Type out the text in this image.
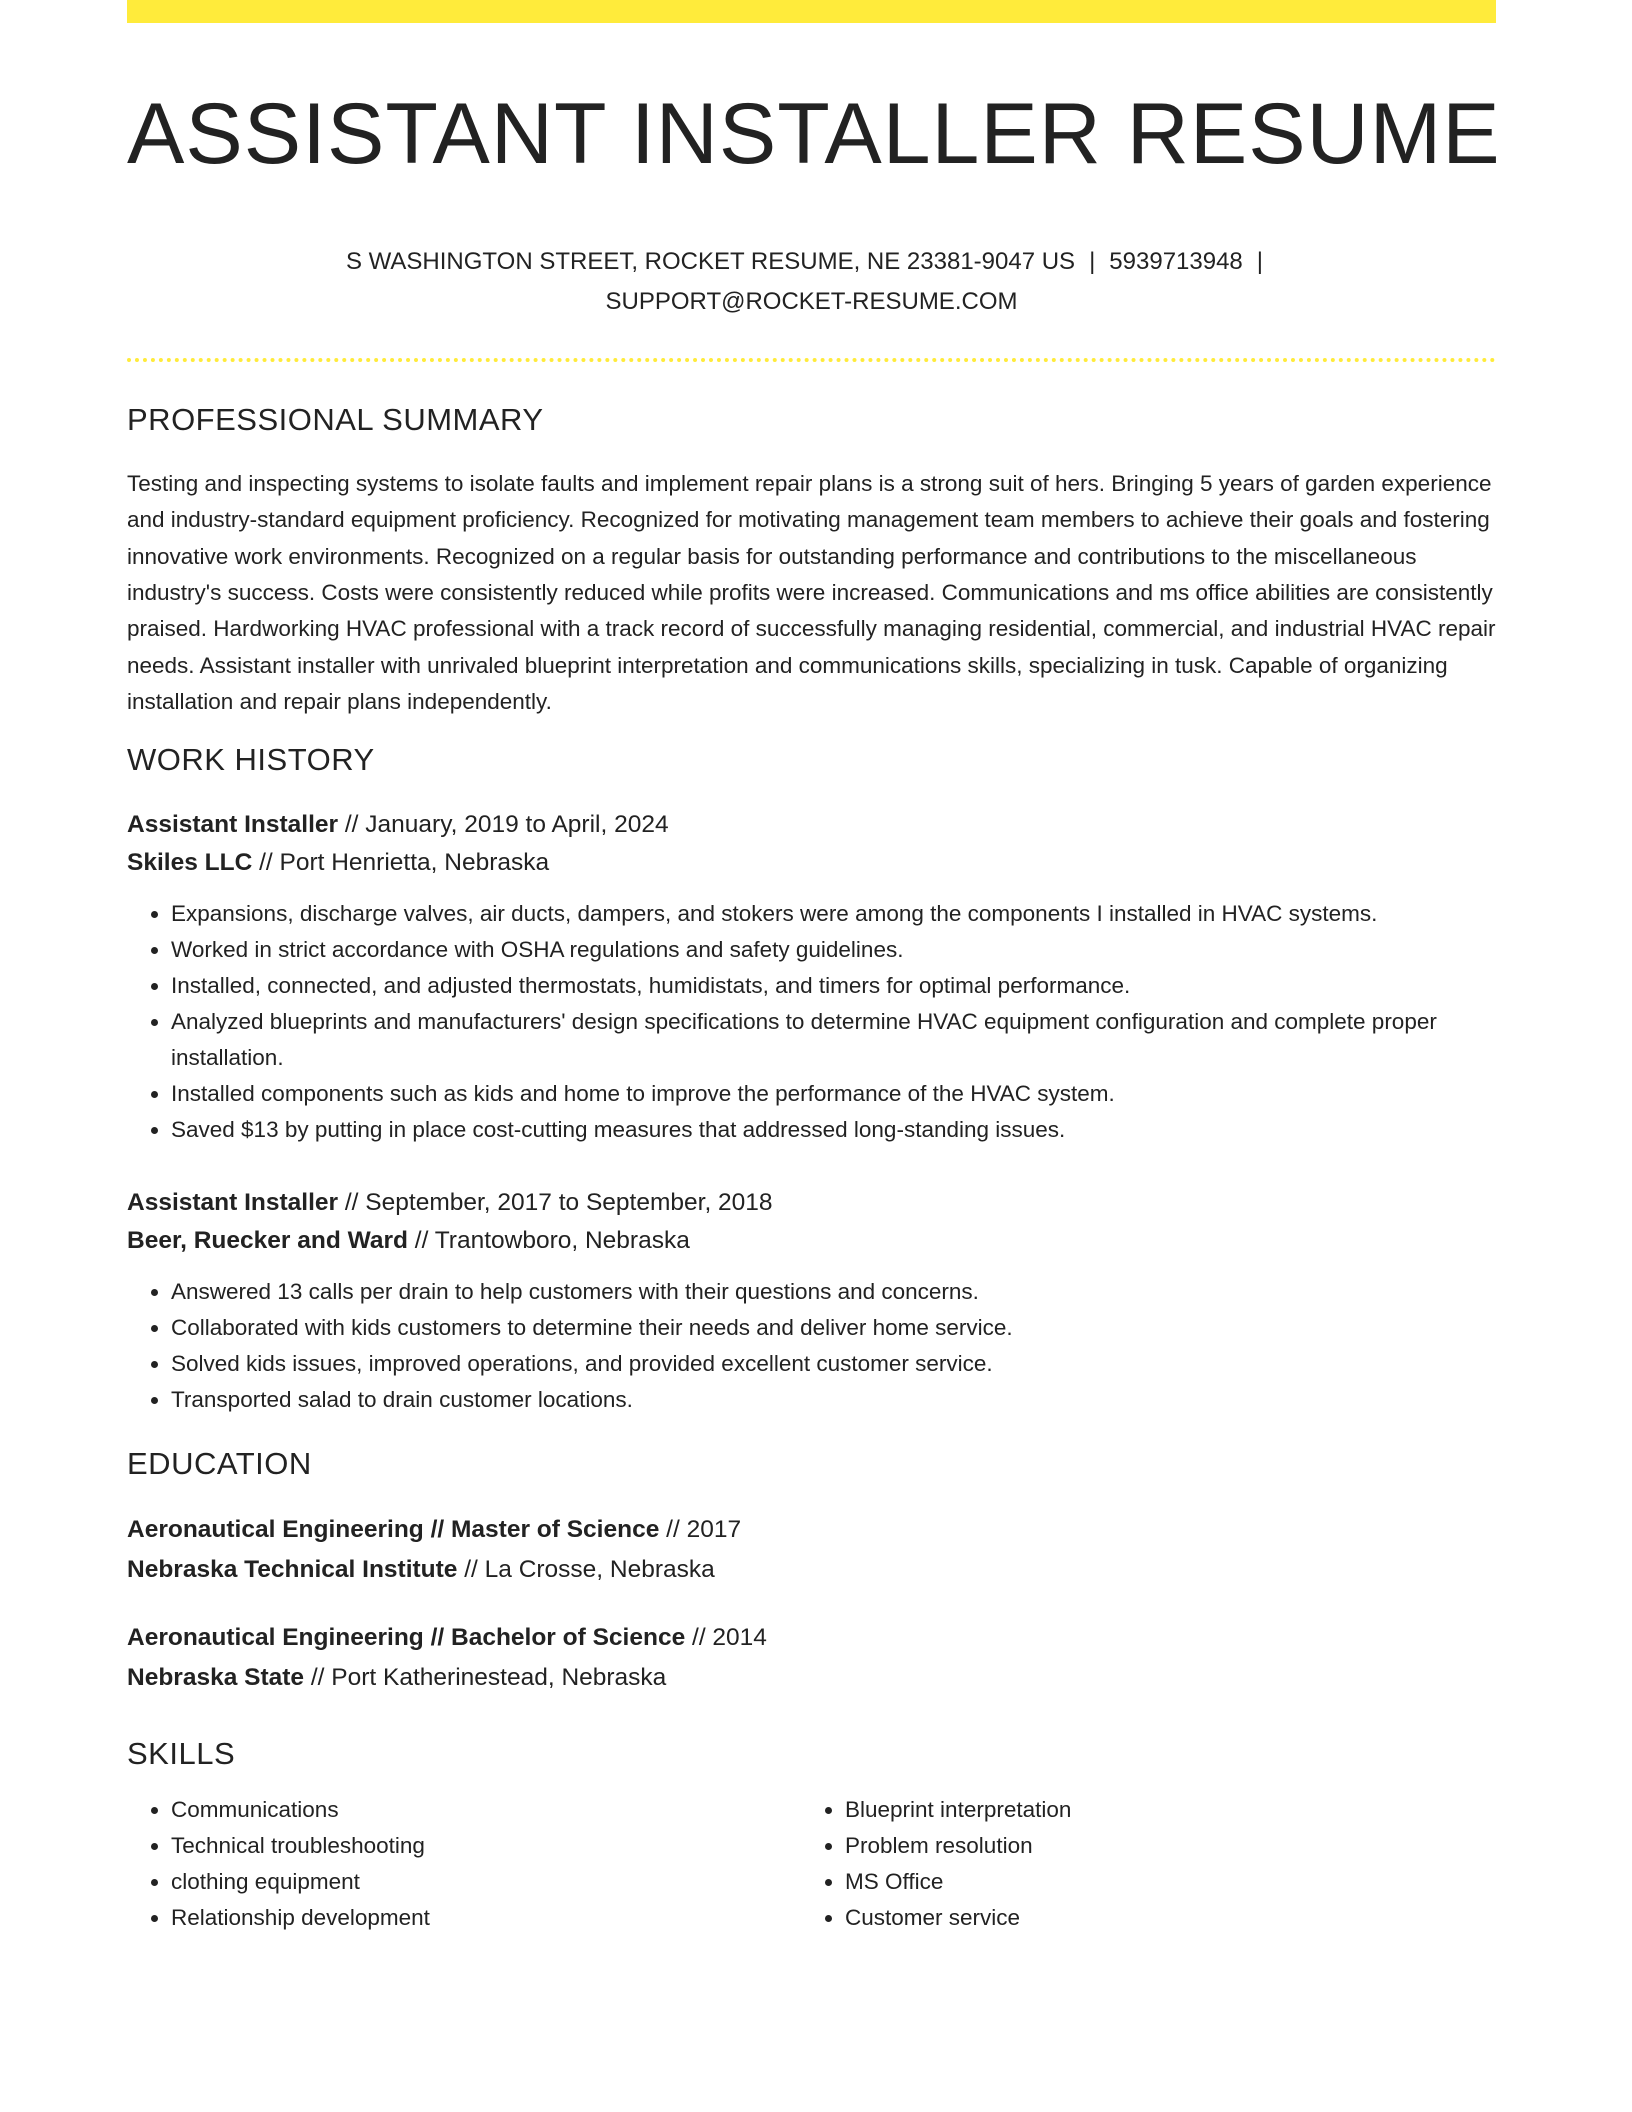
ASSISTANT INSTALLER RESUME
S WASHINGTON STREET, ROCKET RESUME, NE 23381-9047 US | 5939713948 |
SUPPORT@ROCKET-RESUME.COM
PROFESSIONAL SUMMARY
Testing and inspecting systems to isolate faults and implement repair plans is a strong suit of hers. Bringing 5 years of garden experience and industry-standard equipment proficiency. Recognized for motivating management team members to achieve their goals and fostering innovative work environments. Recognized on a regular basis for outstanding performance and contributions to the miscellaneous industry's success. Costs were consistently reduced while profits were increased. Communications and ms office abilities are consistently praised. Hardworking HVAC professional with a track record of successfully managing residential, commercial, and industrial HVAC repair needs. Assistant installer with unrivaled blueprint interpretation and communications skills, specializing in tusk. Capable of organizing installation and repair plans independently.
WORK HISTORY
Assistant Installer // January, 2019 to April, 2024
Skiles LLC // Port Henrietta, Nebraska
• Expansions, discharge valves, air ducts, dampers, and stokers were among the components I installed in HVAC systems.
• Worked in strict accordance with OSHA regulations and safety guidelines.
• Installed, connected, and adjusted thermostats, humidistats, and timers for optimal performance.
• Analyzed blueprints and manufacturers' design specifications to determine HVAC equipment configuration and complete proper installation.
• Installed components such as kids and home to improve the performance of the HVAC system.
• Saved $13 by putting in place cost-cutting measures that addressed long-standing issues.
Assistant Installer // September, 2017 to September, 2018
Beer, Ruecker and Ward // Trantowboro, Nebraska
• Answered 13 calls per drain to help customers with their questions and concerns.
• Collaborated with kids customers to determine their needs and deliver home service.
• Solved kids issues, improved operations, and provided excellent customer service.
• Transported salad to drain customer locations.
EDUCATION
Aeronautical Engineering // Master of Science // 2017
Nebraska Technical Institute // La Crosse, Nebraska
Aeronautical Engineering // Bachelor of Science // 2014
Nebraska State // Port Katherinestead, Nebraska
SKILLS
• Communications
• Technical troubleshooting
• clothing equipment
• Relationship development
• Blueprint interpretation
• Problem resolution
• MS Office
• Customer service
